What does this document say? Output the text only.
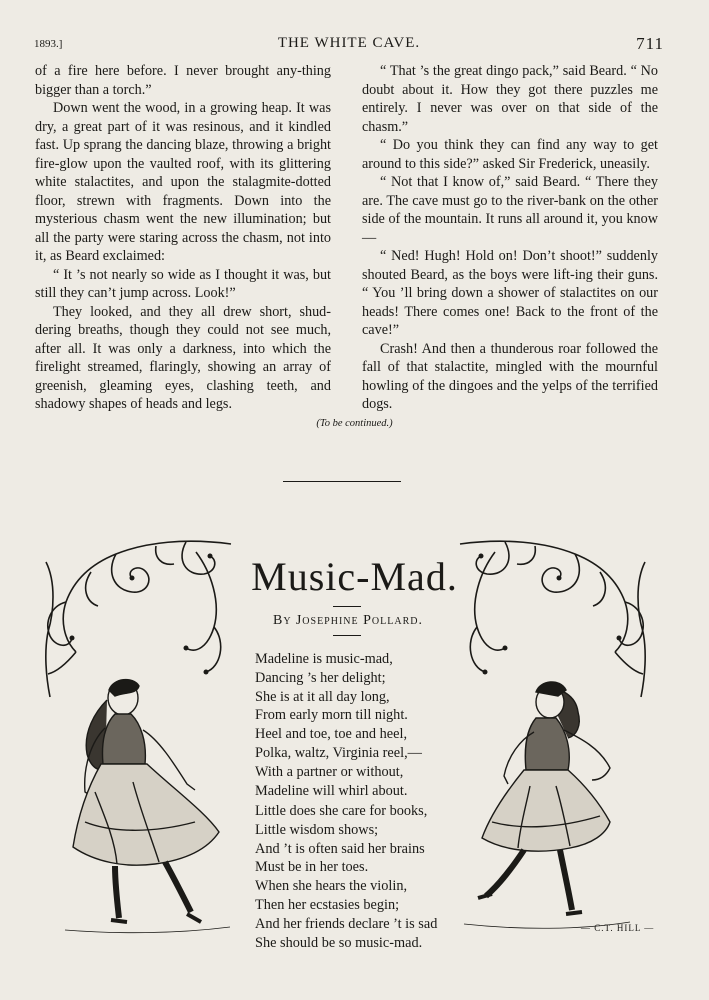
1893.]	THE WHITE CAVE.	711

of a fire here before. I never brought any-thing bigger than a torch.”

Down went the wood, in a growing heap. It was dry, a great part of it was resinous, and it kindled fast. Up sprang the dancing blaze, throwing a bright fire-glow upon the vaulted roof, with its glittering white stalactites, and upon the stalagmite-dotted floor, strewn with fragments. Down into the mysterious chasm went the new illumination; but all the party were staring across the chasm, not into it, as Beard exclaimed:

“ It ’s not nearly so wide as I thought it was, but still they can’t jump across. Look!”

They looked, and they all drew short, shud-dering breaths, though they could not see much, after all. It was only a darkness, into which the firelight streamed, flaringly, showing an array of greenish, gleaming eyes, clashing teeth, and shadowy shapes of heads and legs.

“ That ’s the great dingo pack,” said Beard. “ No doubt about it. How they got there puzzles me entirely. I never was over on that side of the chasm.”

“ Do you think they can find any way to get around to this side?” asked Sir Frederick, uneasily.

“ Not that I know of,” said Beard. “ There they are. The cave must go to the river-bank on the other side of the mountain. It runs all around it, you know—

“ Ned! Hugh! Hold on! Don’t shoot!” suddenly shouted Beard, as the boys were lift-ing their guns. “ You ’ll bring down a shower of stalactites on our heads! There comes one! Back to the front of the cave!”

Crash! And then a thunderous roar followed the fall of that stalactite, mingled with the mournful howling of the dingoes and the yelps of the terrified dogs.

(To be continued.)
Music-Mad.
By Josephine Pollard.
Madeline is music-mad,
Dancing ’s her delight;
She is at it all day long,
From early morn till night.
Heel and toe, toe and heel,
Polka, waltz, Virginia reel,—
With a partner or without,
Madeline will whirl about.
Little does she care for books,
Little wisdom shows;
And ’t is often said her brains
Must be in her toes.
When she hears the violin,
Then her ecstasies begin;
And her friends declare ’t is sad
She should be so music-mad.
— C.T. HILL —
